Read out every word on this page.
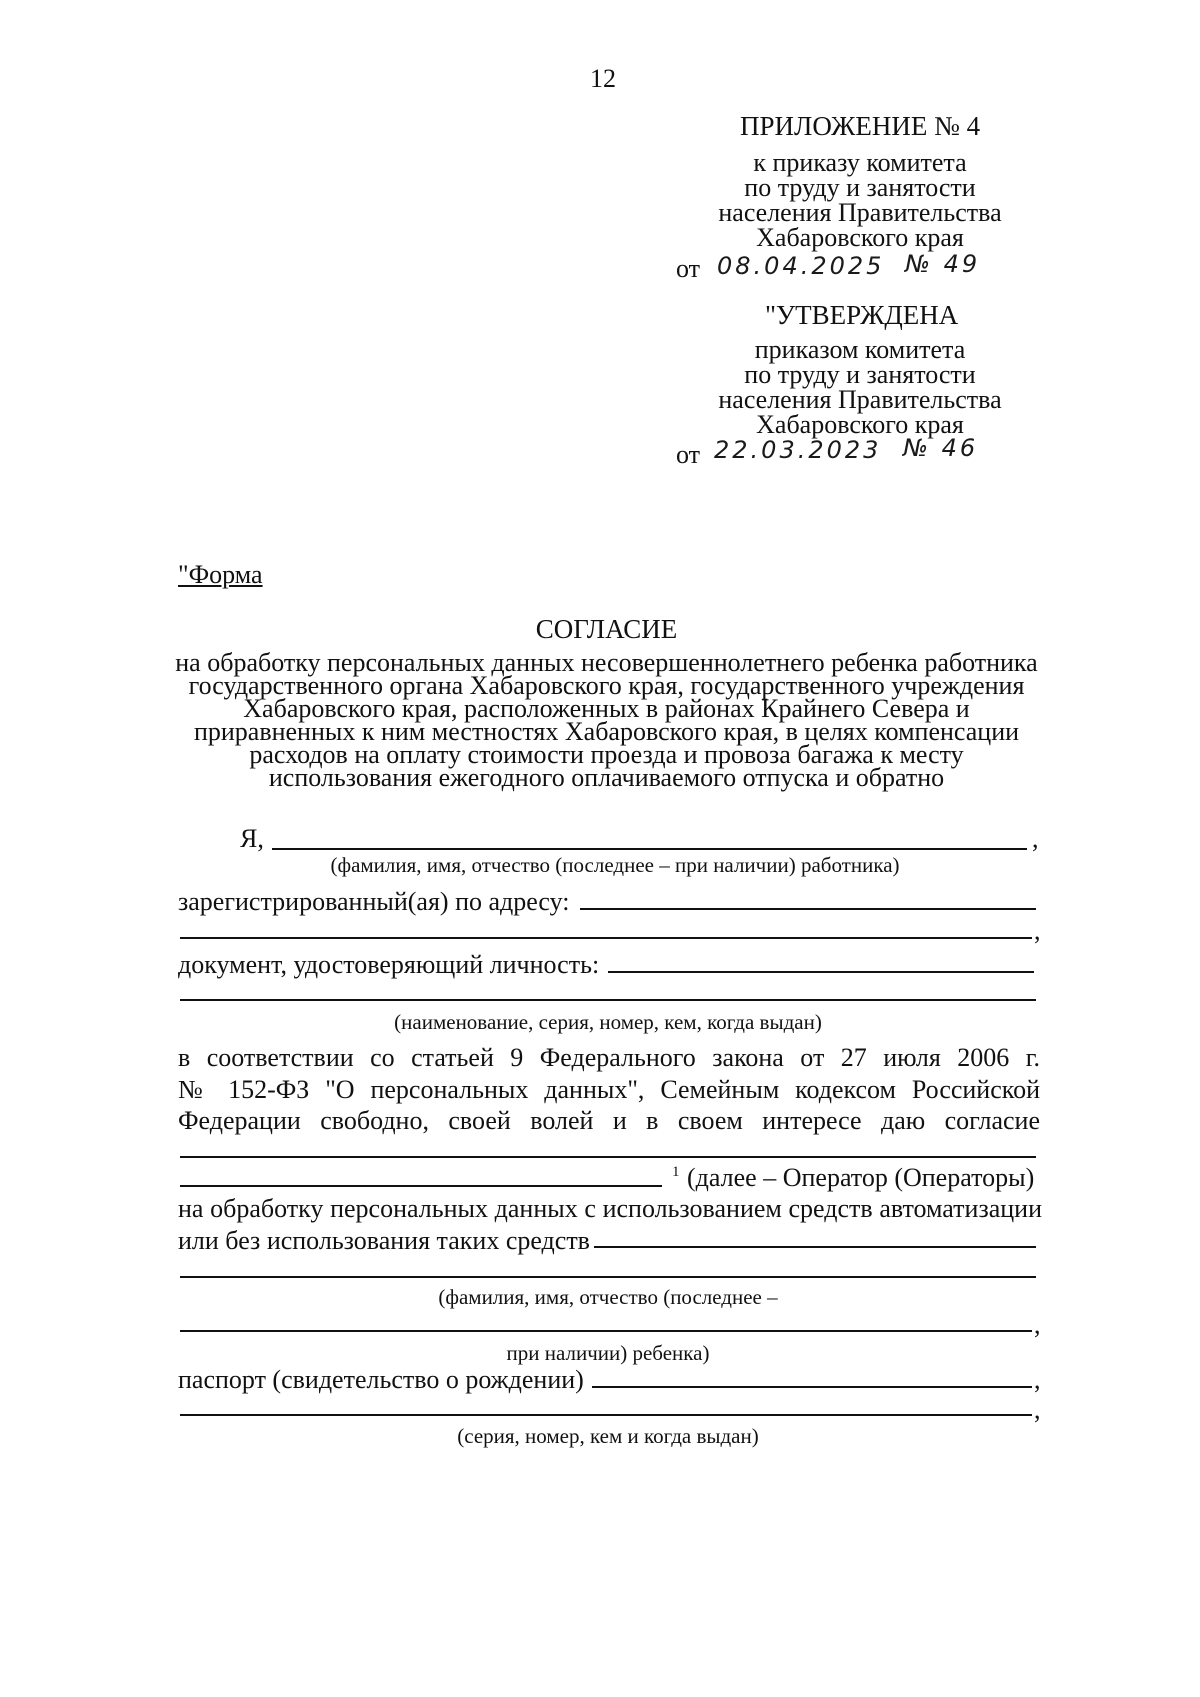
12
ПРИЛОЖЕНИЕ № 4
к приказу комитета
по труду и занятости
населения Правительства
Хабаровского края
от 08.04.2025 № 49
"УТВЕРЖДЕНА
приказом комитета
по труду и занятости
населения Правительства
Хабаровского края
от 22.03.2023 № 46
"Форма
СОГЛАСИЕ
на обработку персональных данных несовершеннолетнего ребенка работника
государственного органа Хабаровского края, государственного учреждения
Хабаровского края, расположенных в районах Крайнего Севера и
приравненных к ним местностях Хабаровского края, в целях компенсации
расходов на оплату стоимости проезда и провоза багажа к месту
использования ежегодного оплачиваемого отпуска и обратно
Я,	,
(фамилия, имя, отчество (последнее – при наличии) работника)
зарегистрированный(ая) по адресу:
,
документ, удостоверяющий личность:
(наименование, серия, номер, кем, когда выдан)
в соответствии со статьей 9 Федерального закона от 27 июля 2006 г.
№ 152-ФЗ "О персональных данных", Семейным кодексом Российской
Федерации свободно, своей волей и в своем интересе даю согласие
1 (далее – Оператор (Операторы)
на обработку персональных данных с использованием средств автоматизации
или без использования таких средств
(фамилия, имя, отчество (последнее –
,
при наличии) ребенка)
паспорт (свидетельство о рождении)	,
,
(серия, номер, кем и когда выдан)
